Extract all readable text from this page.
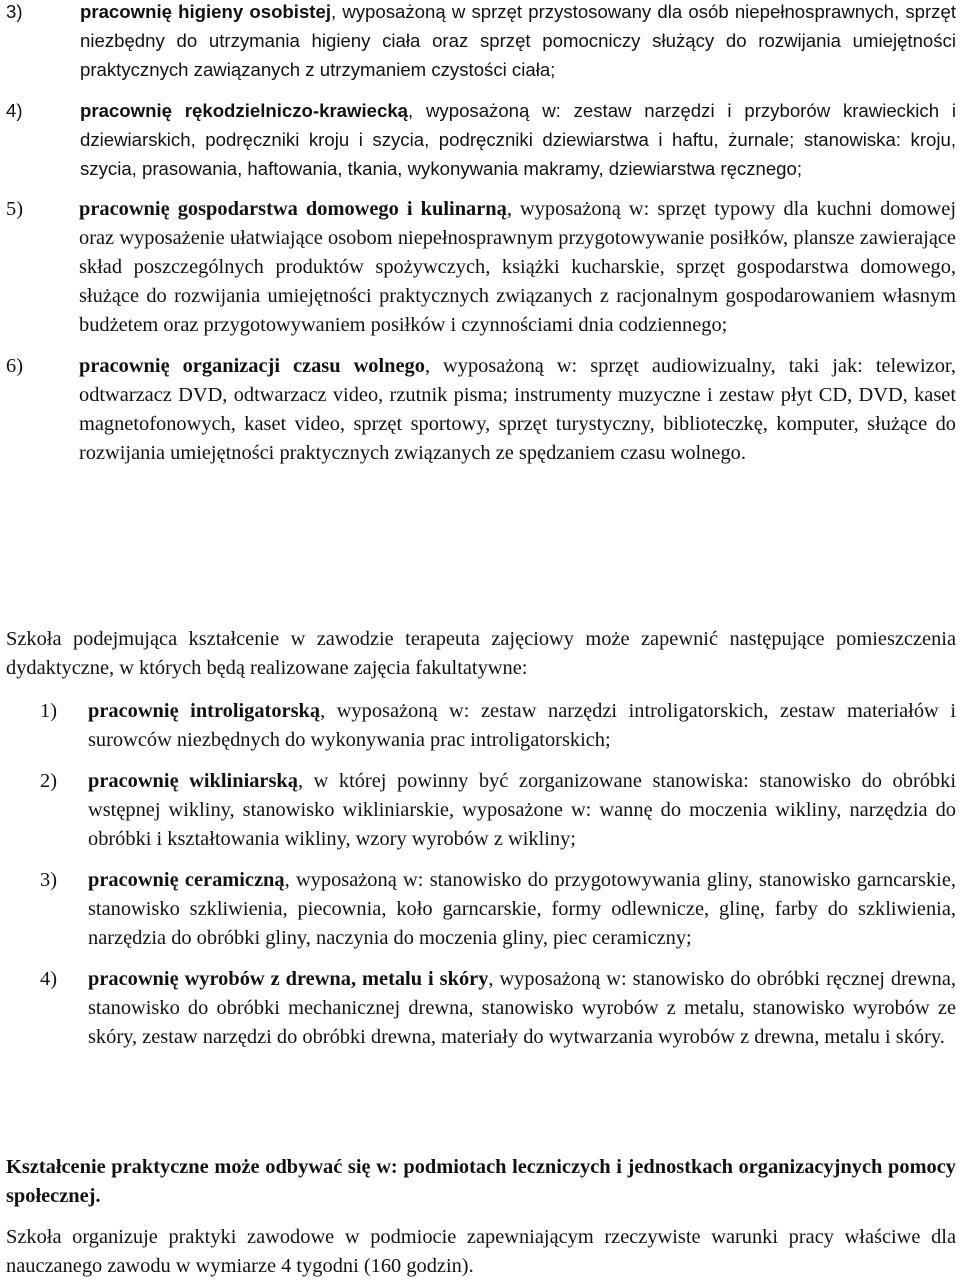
3)	pracownię higieny osobistej, wyposażoną w sprzęt przystosowany dla osób niepełnosprawnych, sprzęt niezbędny do utrzymania higieny ciała oraz sprzęt pomocniczy służący do rozwijania umiejętności praktycznych zawiązanych z utrzymaniem czystości ciała;
4)	pracownię rękodzielniczo-krawiecką, wyposażoną w: zestaw narzędzi i przyborów krawieckich i dziewiarskich, podręczniki kroju i szycia, podręczniki dziewiarstwa i haftu, żurnale; stanowiska: kroju, szycia, prasowania, haftowania, tkania, wykonywania makramy, dziewiarstwa ręcznego;
5)	pracownię gospodarstwa domowego i kulinarną, wyposażoną w: sprzęt typowy dla kuchni domowej oraz wyposażenie ułatwiające osobom niepełnosprawnym przygotowywanie posiłków, plansze zawierające skład poszczególnych produktów spożywczych, książki kucharskie, sprzęt gospodarstwa domowego, służące do rozwijania umiejętności praktycznych związanych z racjonalnym gospodarowaniem własnym budżetem oraz przygotowywaniem posiłków i czynnościami dnia codziennego;
6)	pracownię organizacji czasu wolnego, wyposażoną w: sprzęt audiowizualny, taki jak: telewizor, odtwarzacz DVD, odtwarzacz video, rzutnik pisma; instrumenty muzyczne i zestaw płyt CD, DVD, kaset magnetofonowych, kaset video, sprzęt sportowy, sprzęt turystyczny, biblioteczkę, komputer, służące do rozwijania umiejętności praktycznych związanych ze spędzaniem czasu wolnego.

Szkoła podejmująca kształcenie w zawodzie terapeuta zajęciowy może zapewnić następujące pomieszczenia dydaktyczne, w których będą realizowane zajęcia fakultatywne:

1) pracownię introligatorską, wyposażoną w: zestaw narzędzi introligatorskich, zestaw materiałów i surowców niezbędnych do wykonywania prac introligatorskich;
2) pracownię wikliniarską, w której powinny być zorganizowane stanowiska: stanowisko do obróbki wstępnej wikliny, stanowisko wikliniarskie, wyposażone w: wannę do moczenia wikliny, narzędzia do obróbki i kształtowania wikliny, wzory wyrobów z wikliny;
3) pracownię ceramiczną, wyposażoną w: stanowisko do przygotowywania gliny, stanowisko garncarskie, stanowisko szkliwienia, piecownia, koło garncarskie, formy odlewnicze, glinę, farby do szkliwienia, narzędzia do obróbki gliny, naczynia do moczenia gliny, piec ceramiczny;
4) pracownię wyrobów z drewna, metalu i skóry, wyposażoną w: stanowisko do obróbki ręcznej drewna, stanowisko do obróbki mechanicznej drewna, stanowisko wyrobów z metalu, stanowisko wyrobów ze skóry, zestaw narzędzi do obróbki drewna, materiały do wytwarzania wyrobów z drewna, metalu i skóry.

Kształcenie praktyczne może odbywać się w: podmiotach leczniczych i jednostkach organizacyjnych pomocy społecznej.

Szkoła organizuje praktyki zawodowe w podmiocie zapewniającym rzeczywiste warunki pracy właściwe dla nauczanego zawodu w wymiarze 4 tygodni (160 godzin).
